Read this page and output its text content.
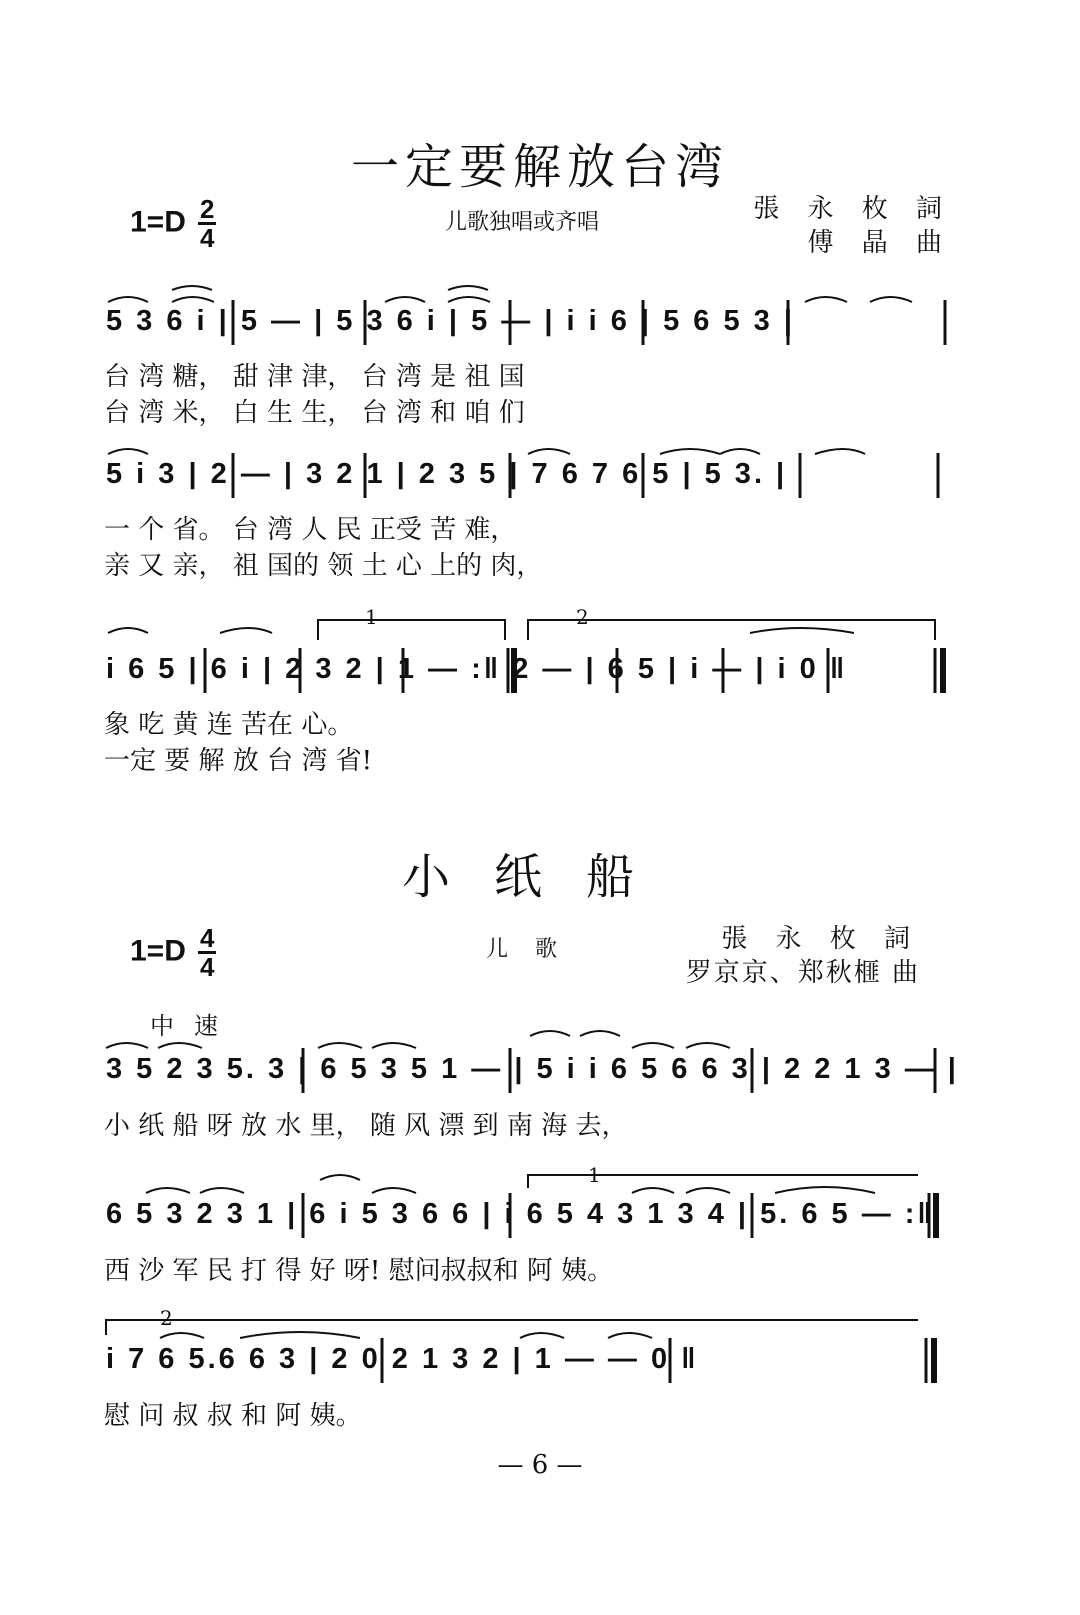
一定要解放台湾
$1=D \frac{2}{4}$	儿歌独唱或齐唱	張 永 枚 詞
傅 晶 曲
5 3 6 i | 5 — | 5 3 6 i | 5 — | i i 6 | 5 6 5 3 |
台 湾 糖， 甜 津 津， 台 湾 是 祖 国
台 湾 米， 白 生 生， 台 湾 和 咱 们
5 i 3 | 2 — | 3 2 1 | 2 3 5 | 7 6 7 6 5 | 5 3. |
一 个 省。 台 湾 人 民 正受 苦 难，
亲 又 亲， 祖 国的 领 土 心 上的 肉，
1	2
i 6 5 | 6 i | 2 3 2 | 1 — :‖ 2 — | 6 5 | i — | i 0 ‖
象 吃 黄 连 苦在 心。
一定 要 解 放 台 湾 省!
小纸船
$1=D \frac{4}{4}$	儿 歌	張 永 枚 詞
罗京京、郑秋榧 曲
中速
3 5 2 3 5. 3 | 6 5 3 5 1 — | 5 i i 6 5 6 6 3 | 2 2 1 3 — |
小 纸 船 呀 放 水 里， 随 风 漂 到 南 海 去，
1
6 5 3 2 3 1 | 6 i 5 3 6 6 | i 6 5 4 3 1 3 4 | 5. 6 5 — :‖
西 沙 军 民 打 得 好 呀! 慰问叔叔和 阿 姨。
2
i 7 6 5.6 6 3 | 2 0 2 1 3 2 | 1 — — 0 ‖
慰 问 叔 叔 和 阿 姨。
— 6 —
